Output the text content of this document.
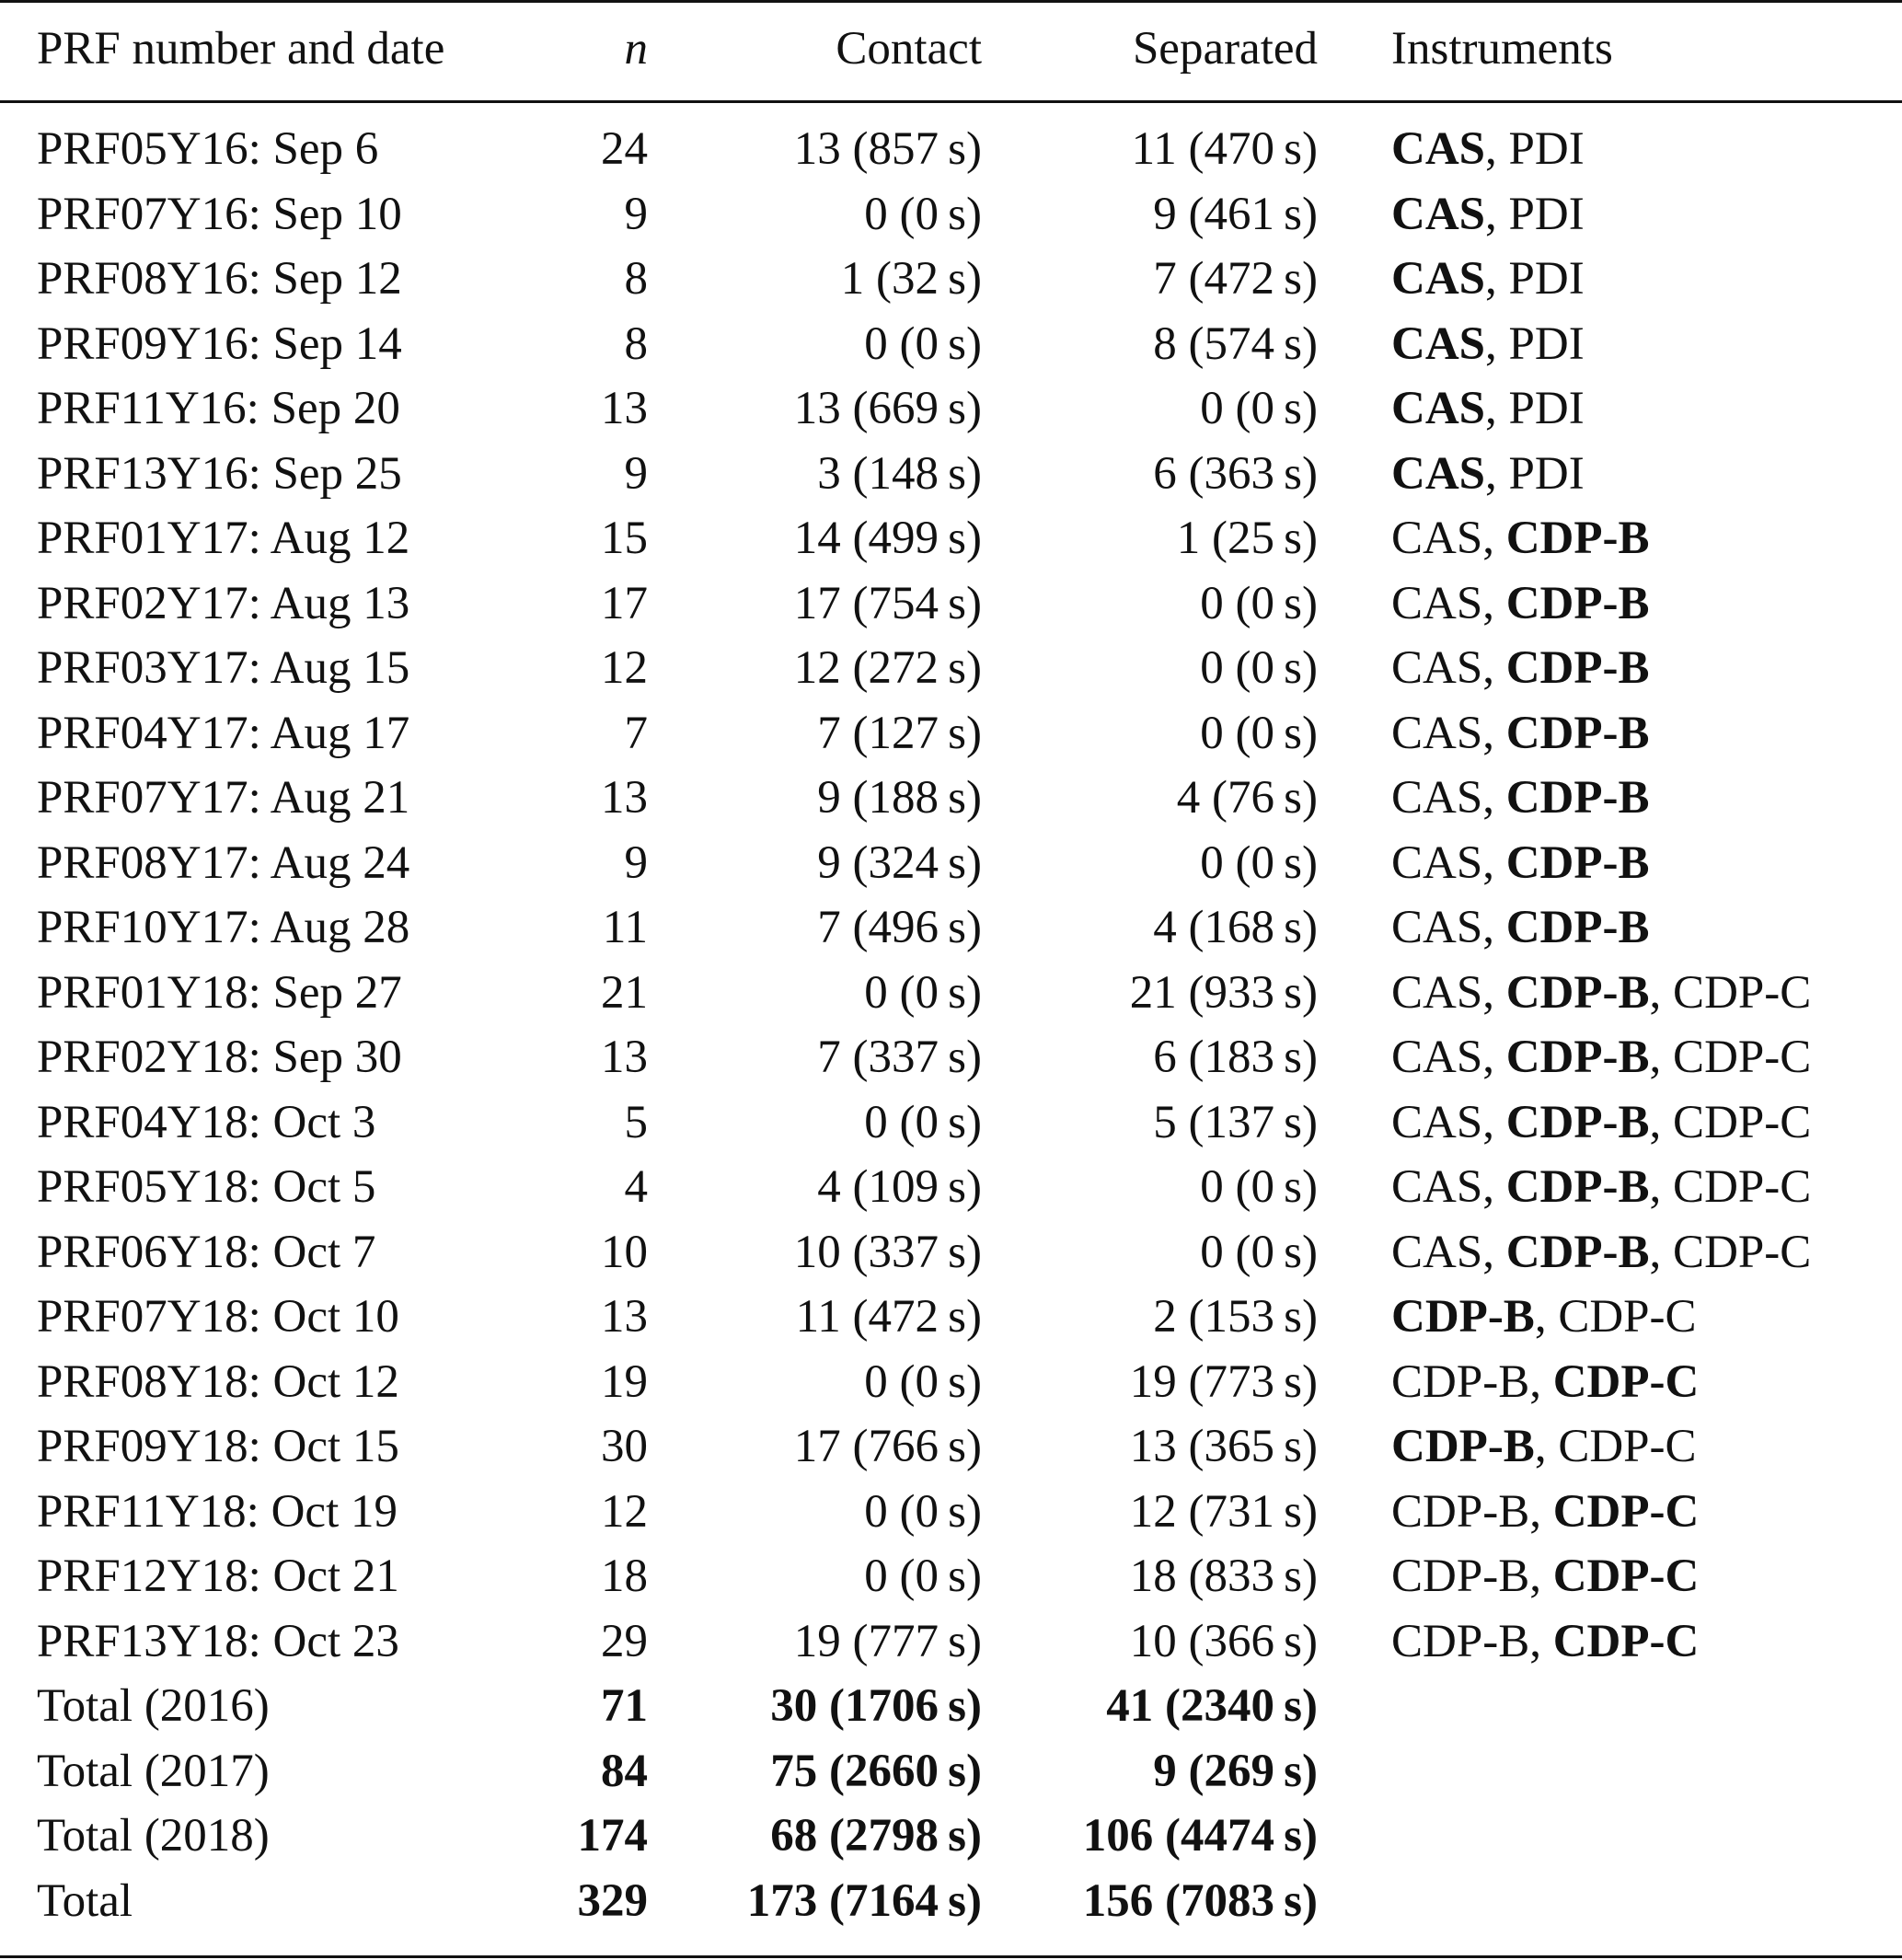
PRF number and date	n	Contact	Separated Instruments
PRF05Y16: Sep 6	24	13 (857 s)	11 (470 s) CAS, PDI
PRF07Y16: Sep 10	9	0 (0 s)	9 (461 s) CAS, PDI
PRF08Y16: Sep 12	8	1 (32 s)	7 (472 s) CAS, PDI
PRF09Y16: Sep 14	8	0 (0 s)	8 (574 s) CAS, PDI
PRF11Y16: Sep 20	13	13 (669 s)	0 (0 s) CAS, PDI
PRF13Y16: Sep 25	9	3 (148 s)	6 (363 s) CAS, PDI
PRF01Y17: Aug 12	15	14 (499 s)	1 (25 s) CAS, CDP-B
PRF02Y17: Aug 13	17	17 (754 s)	0 (0 s) CAS, CDP-B
PRF03Y17: Aug 15	12	12 (272 s)	0 (0 s) CAS, CDP-B
PRF04Y17: Aug 17	7	7 (127 s)	0 (0 s) CAS, CDP-B
PRF07Y17: Aug 21	13	9 (188 s)	4 (76 s) CAS, CDP-B
PRF08Y17: Aug 24	9	9 (324 s)	0 (0 s) CAS, CDP-B
PRF10Y17: Aug 28	11	7 (496 s)	4 (168 s) CAS, CDP-B
PRF01Y18: Sep 27	21	0 (0 s)	21 (933 s) CAS, CDP-B, CDP-C
PRF02Y18: Sep 30	13	7 (337 s)	6 (183 s) CAS, CDP-B, CDP-C
PRF04Y18: Oct 3	5	0 (0 s)	5 (137 s) CAS, CDP-B, CDP-C
PRF05Y18: Oct 5	4	4 (109 s)	0 (0 s) CAS, CDP-B, CDP-C
PRF06Y18: Oct 7	10	10 (337 s)	0 (0 s) CAS, CDP-B, CDP-C
PRF07Y18: Oct 10	13	11 (472 s)	2 (153 s) CDP-B, CDP-C
PRF08Y18: Oct 12	19	0 (0 s)	19 (773 s) CDP-B, CDP-C
PRF09Y18: Oct 15	30	17 (766 s)	13 (365 s) CDP-B, CDP-C
PRF11Y18: Oct 19	12	0 (0 s)	12 (731 s) CDP-B, CDP-C
PRF12Y18: Oct 21	18	0 (0 s)	18 (833 s) CDP-B, CDP-C
PRF13Y18: Oct 23	29	19 (777 s)	10 (366 s) CDP-B, CDP-C
Total (2016)	71	30 (1706 s)	41 (2340 s)
Total (2017)	84	75 (2660 s)	9 (269 s)
Total (2018)	174	68 (2798 s) 106 (4474 s)
Total	329 173 (7164 s) 156 (7083 s)
